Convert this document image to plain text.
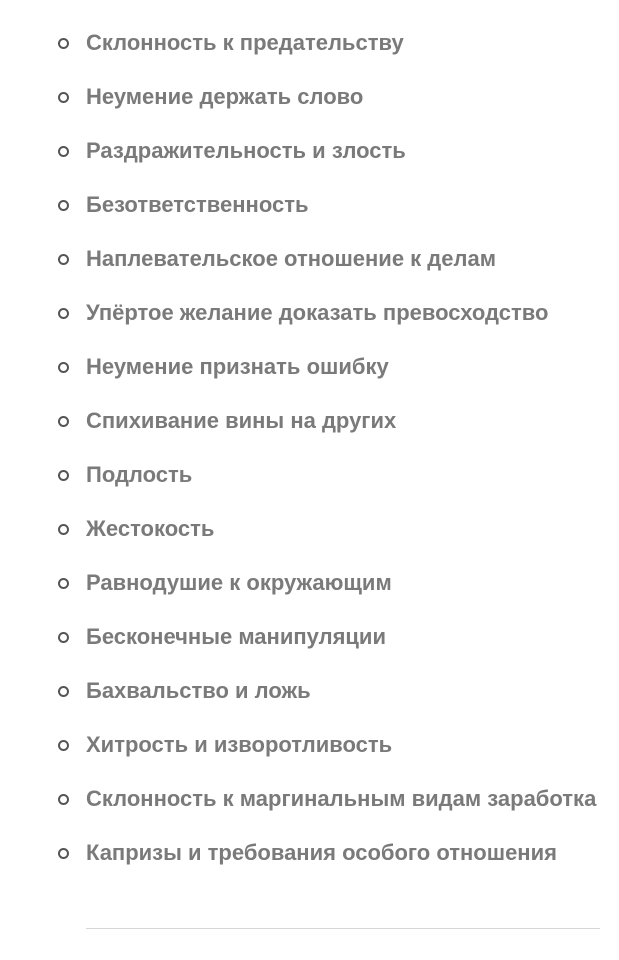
Склонность к предательству
Неумение держать слово
Раздражительность и злость
Безответственность
Наплевательское отношение к делам
Упёртое желание доказать превосходство
Неумение признать ошибку
Спихивание вины на других
Подлость
Жестокость
Равнодушие к окружающим
Бесконечные манипуляции
Бахвальство и ложь
Хитрость и изворотливость
Склонность к маргинальным видам заработка
Капризы и требования особого отношения
